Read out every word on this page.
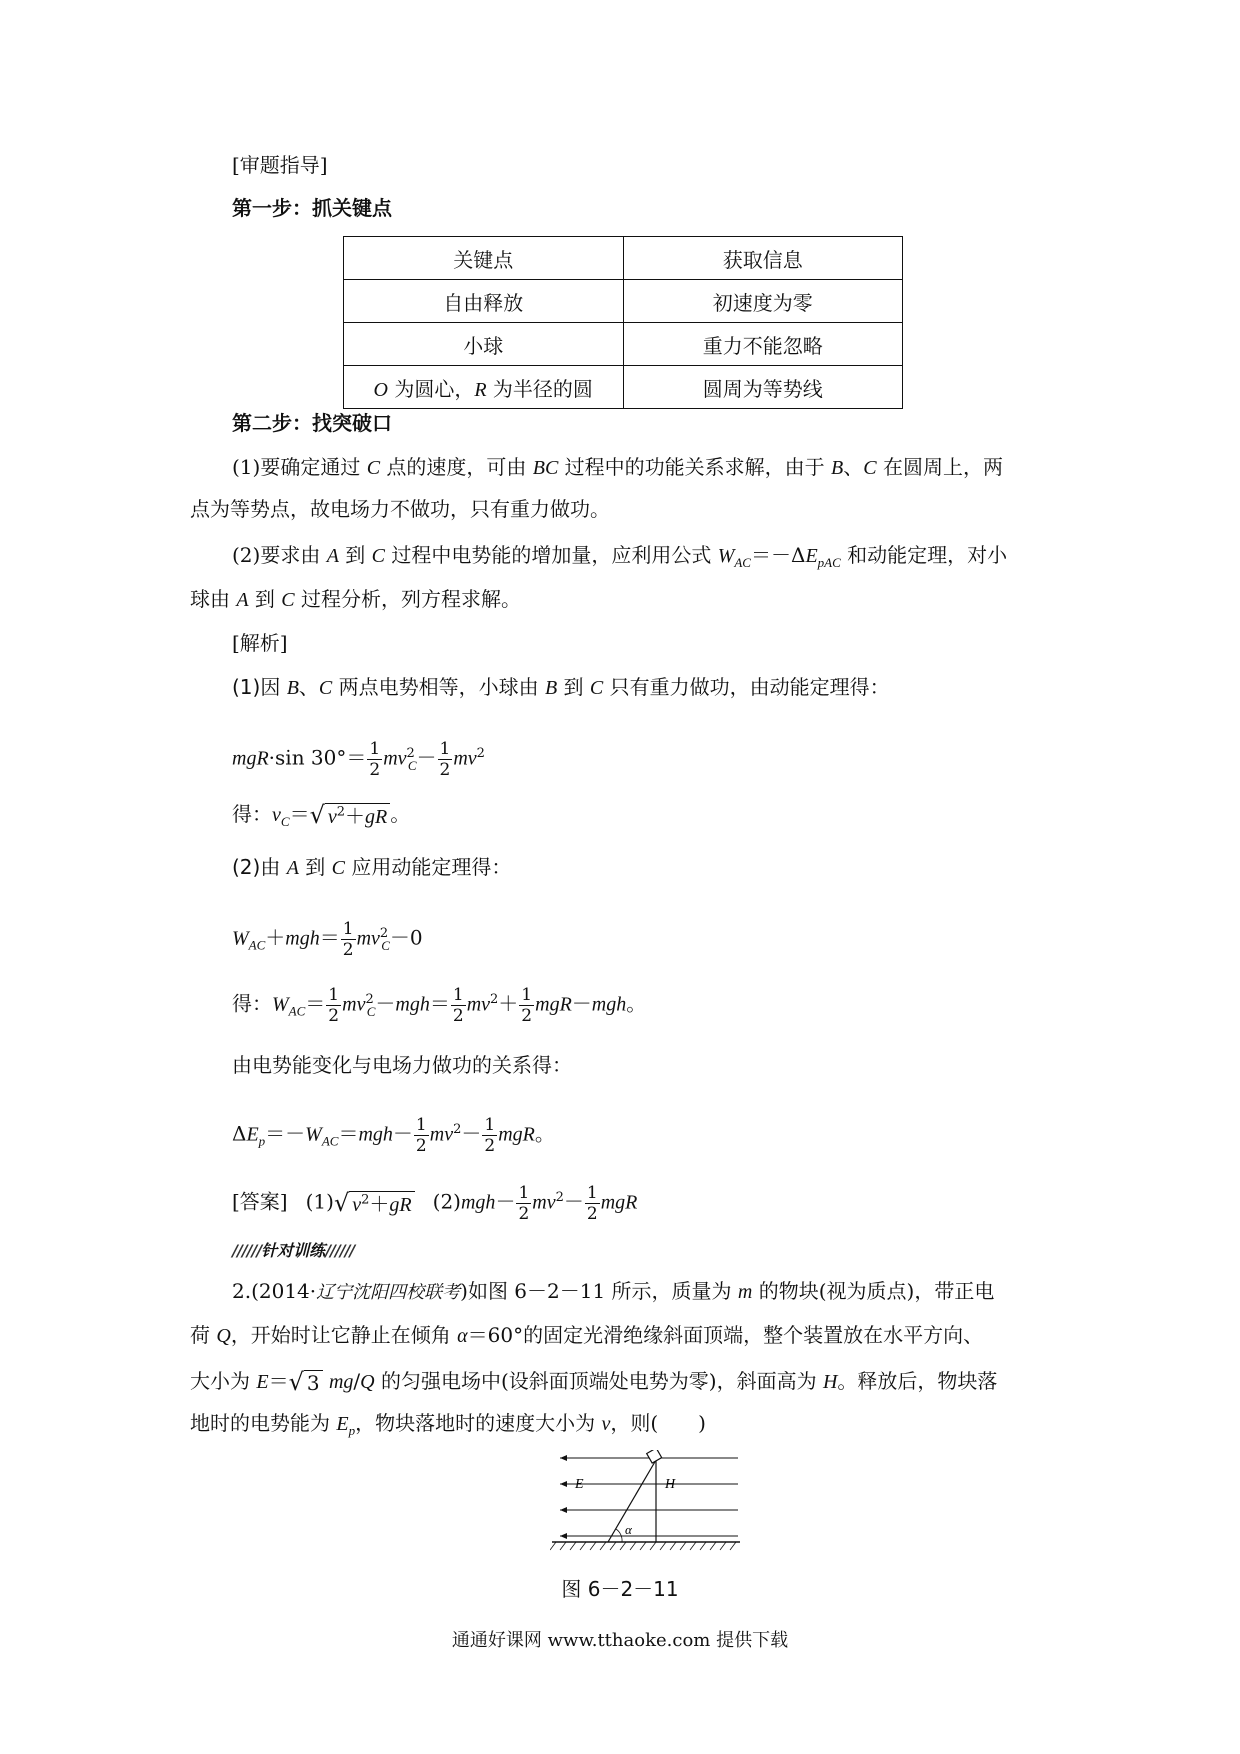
[审题指导]
第一步：抓关键点
关键点	获取信息
自由释放	初速度为零
小球	重力不能忽略
O 为圆心，R 为半径的圆	圆周为等势线
第二步：找突破口
(1)要确定通过 C 点的速度，可由 BC 过程中的功能关系求解，由于 B、C 在圆周上，两
点为等势点，故电场力不做功，只有重力做功。
(2)要求由 A 到 C 过程中电势能的增加量，应利用公式 $W_{AC}=-\Delta E_{pAC}$ 和动能定理，对小
球由 A 到 C 过程分析，列方程求解。
[解析]
(1)因 B、C 两点电势相等，小球由 B 到 C 只有重力做功，由动能定理得：
mgR·sin $30^\circ= \frac{1}{2} mv^2_C- \frac{1}{2} mv^2$
得：$v_C=√$ $v^2+gR$ 。
(2)由 A 到 C 应用动能定理得：
$W_{AC}+mgh= \frac{1}{2} mv^2_C-0$
得：$W_{AC}= \frac{1}{2} mv^2_C-mgh= \frac{1}{2} mv^2+ \frac{1}{2} mgR-mgh$。
由电势能变化与电场力做功的关系得：
$\Delta E_p=-W_{AC}=mgh- \frac{1}{2} mv^2- \frac{1}{2}$ mgR。
[答案] (1)√ $v^2+gR$ $(2)mgh- \frac{1}{2} mv^2- \frac{1}{2}$ mgR
//////针对训练//////
2.(2014·辽宁沈阳四校联考)如图 6－2－11 所示，质量为 m 的物块(视为质点)，带正电
荷 Q，开始时让它静止在倾角 α＝60°的固定光滑绝缘斜面顶端，整个装置放在水平方向、
大小为 E＝√ 3 mg/Q 的匀强电场中(设斜面顶端处电势为零)，斜面高为 H。释放后，物块落
地时的电势能为 $E_p$，物块落地时的速度大小为 v，则(　　)
E	H
α
图 6－2－11
通通好课网 www.tthaoke.com 提供下载
